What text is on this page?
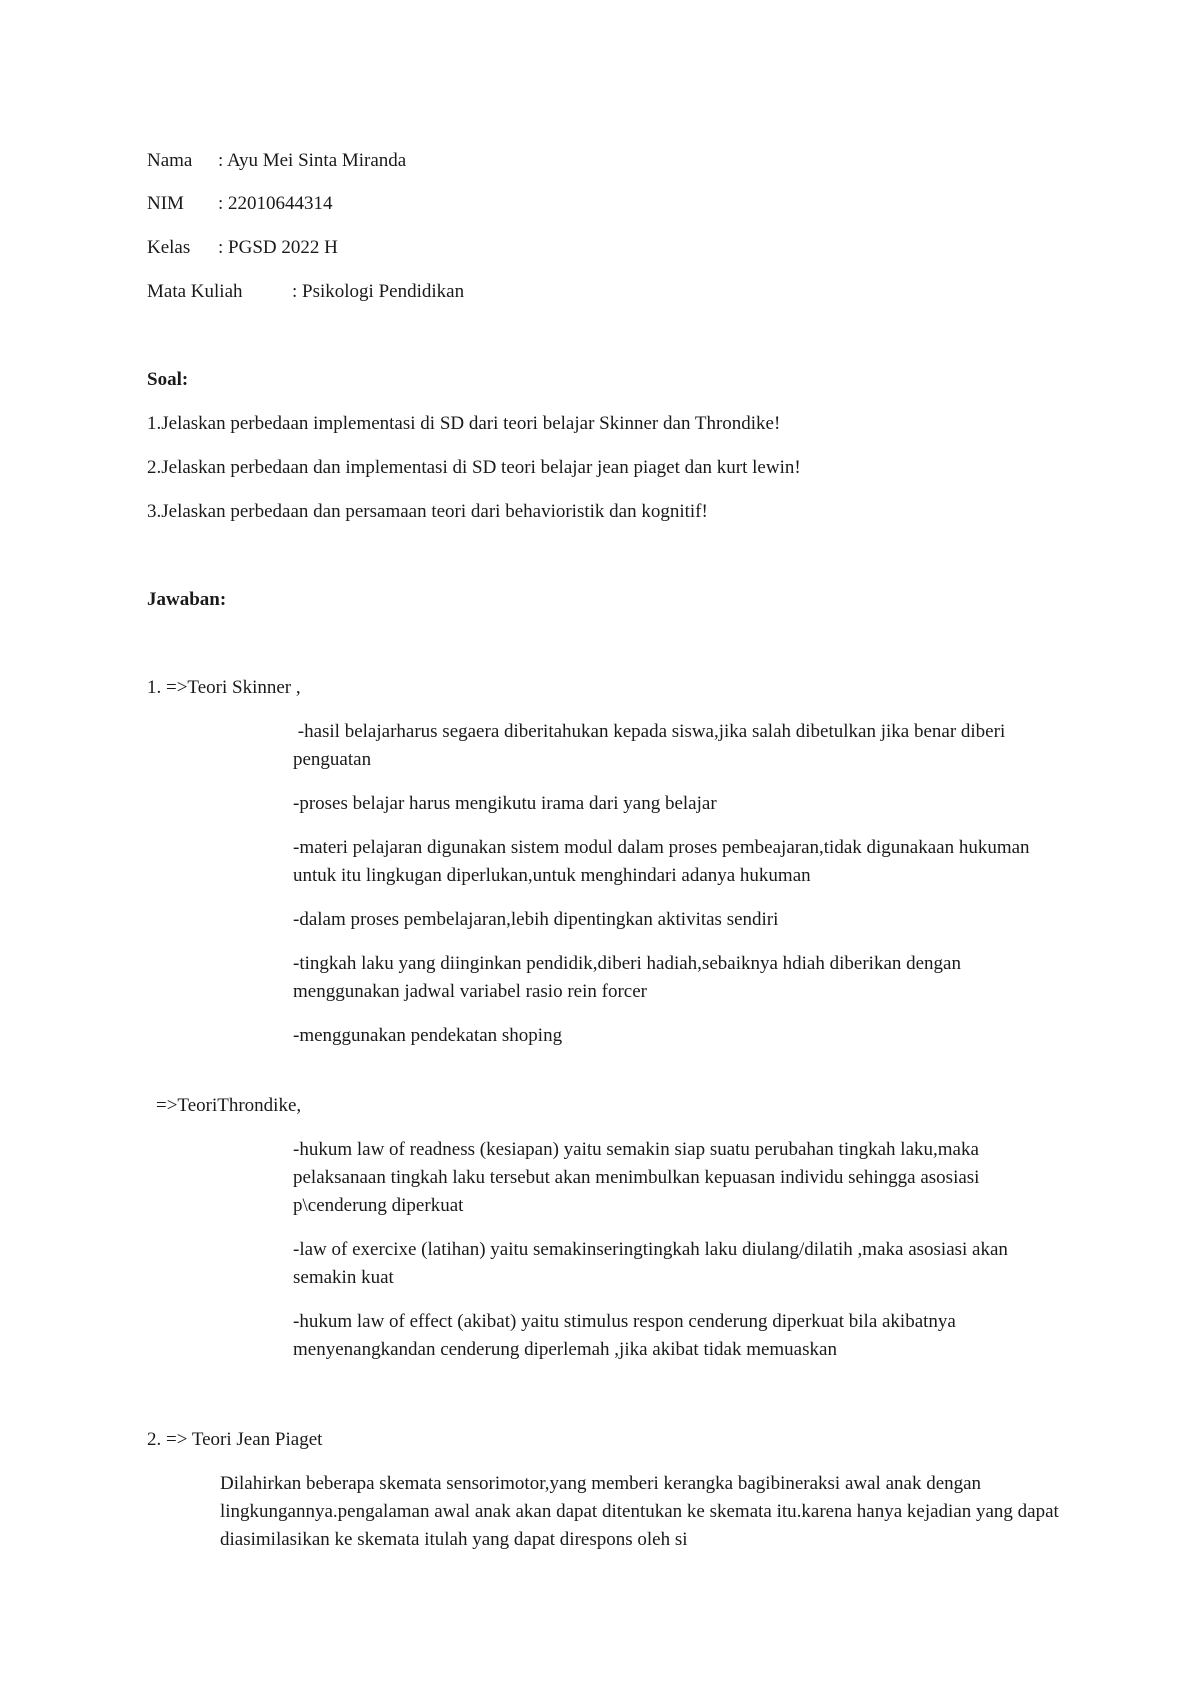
Nama : Ayu Mei Sinta Miranda
NIM : 22010644314
Kelas : PGSD 2022 H
Mata Kuliah	: Psikologi Pendidikan
Soal:
1.Jelaskan perbedaan implementasi di SD dari teori belajar Skinner dan Throndike!
2.Jelaskan perbedaan dan implementasi di SD teori belajar jean piaget dan kurt lewin!
3.Jelaskan perbedaan dan persamaan teori dari behavioristik dan kognitif!
Jawaban:
1. =>Teori Skinner ,
-hasil belajarharus segaera diberitahukan kepada siswa,jika salah dibetulkan jika benar diberi penguatan
-proses belajar harus mengikutu irama dari yang belajar
-materi pelajaran digunakan sistem modul dalam proses pembeajaran,tidak digunakaan hukuman untuk itu lingkugan diperlukan,untuk menghindari adanya hukuman
-dalam proses pembelajaran,lebih dipentingkan aktivitas sendiri
-tingkah laku yang diinginkan pendidik,diberi hadiah,sebaiknya hdiah diberikan dengan menggunakan jadwal variabel rasio rein forcer
-menggunakan pendekatan shoping
=>TeoriThrondike,
-hukum law of readness (kesiapan) yaitu semakin siap suatu perubahan tingkah laku,maka pelaksanaan tingkah laku tersebut akan menimbulkan kepuasan individu sehingga asosiasi p\cenderung diperkuat
-law of exercixe (latihan) yaitu semakinseringtingkah laku diulang/dilatih ,maka asosiasi akan semakin kuat
-hukum law of effect (akibat) yaitu stimulus respon cenderung diperkuat bila akibatnya menyenangkandan cenderung diperlemah ,jika akibat tidak memuaskan
2. => Teori Jean Piaget
Dilahirkan beberapa skemata sensorimotor,yang memberi kerangka bagibineraksi awal anak dengan lingkungannya.pengalaman awal anak akan dapat ditentukan ke skemata itu.karena hanya kejadian yang dapat diasimilasikan ke skemata itulah yang dapat direspons oleh si
